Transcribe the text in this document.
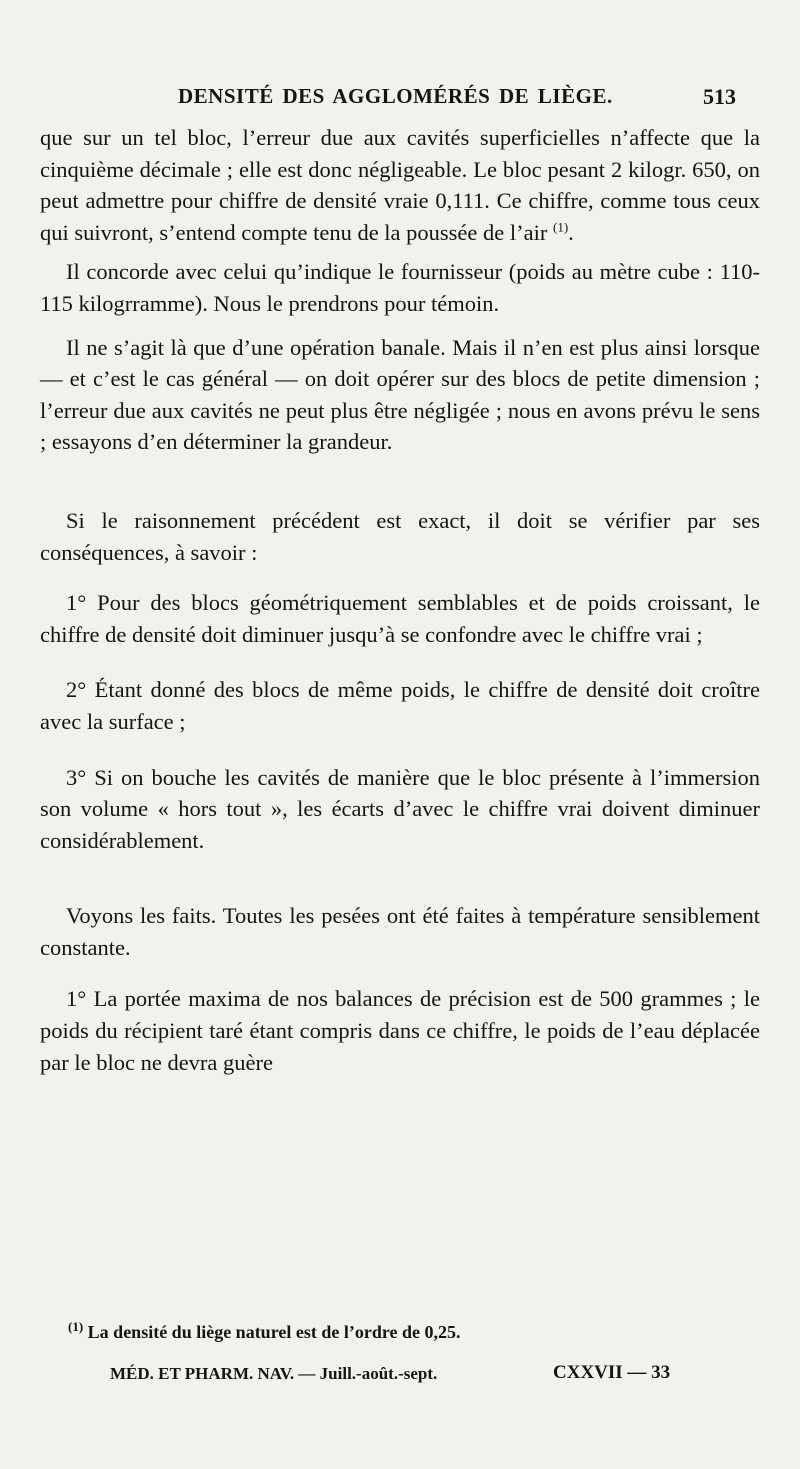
DENSITÉ DES AGGLOMÉRÉS DE LIÈGE.	513

que sur un tel bloc, l’erreur due aux cavités superficielles n’affecte que la cinquième décimale ; elle est donc négligeable. Le bloc pesant 2 kilogr. 650, on peut admettre pour chiffre de densité vraie 0,111. Ce chiffre, comme tous ceux qui suivront, s’entend compte tenu de la poussée de l’air $^{(1)}$.

Il concorde avec celui qu’indique le fournisseur (poids au mètre cube : 110-115 kilogrramme). Nous le prendrons pour témoin.

Il ne s’agit là que d’une opération banale. Mais il n’en est plus ainsi lorsque — et c’est le cas général — on doit opérer sur des blocs de petite dimension ; l’erreur due aux cavités ne peut plus être négligée ; nous en avons prévu le sens ; essayons d’en déterminer la grandeur.

Si le raisonnement précédent est exact, il doit se vérifier par ses conséquences, à savoir :

1° Pour des blocs géométriquement semblables et de poids croissant, le chiffre de densité doit diminuer jusqu’à se confondre avec le chiffre vrai ;

2° Étant donné des blocs de même poids, le chiffre de densité doit croître avec la surface ;

3° Si on bouche les cavités de manière que le bloc présente à l’immersion son volume « hors tout », les écarts d’avec le chiffre vrai doivent diminuer considérablement.

Voyons les faits. Toutes les pesées ont été faites à température sensiblement constante.

1° La portée maxima de nos balances de précision est de 500 grammes ; le poids du récipient taré étant compris dans ce chiffre, le poids de l’eau déplacée par le bloc ne devra guère

$^{(1)}$ La densité du liège naturel est de l’ordre de 0,25.
MÉD. ET PHARM. NAV. — Juill.-août.-sept.	CXXVII — 33
